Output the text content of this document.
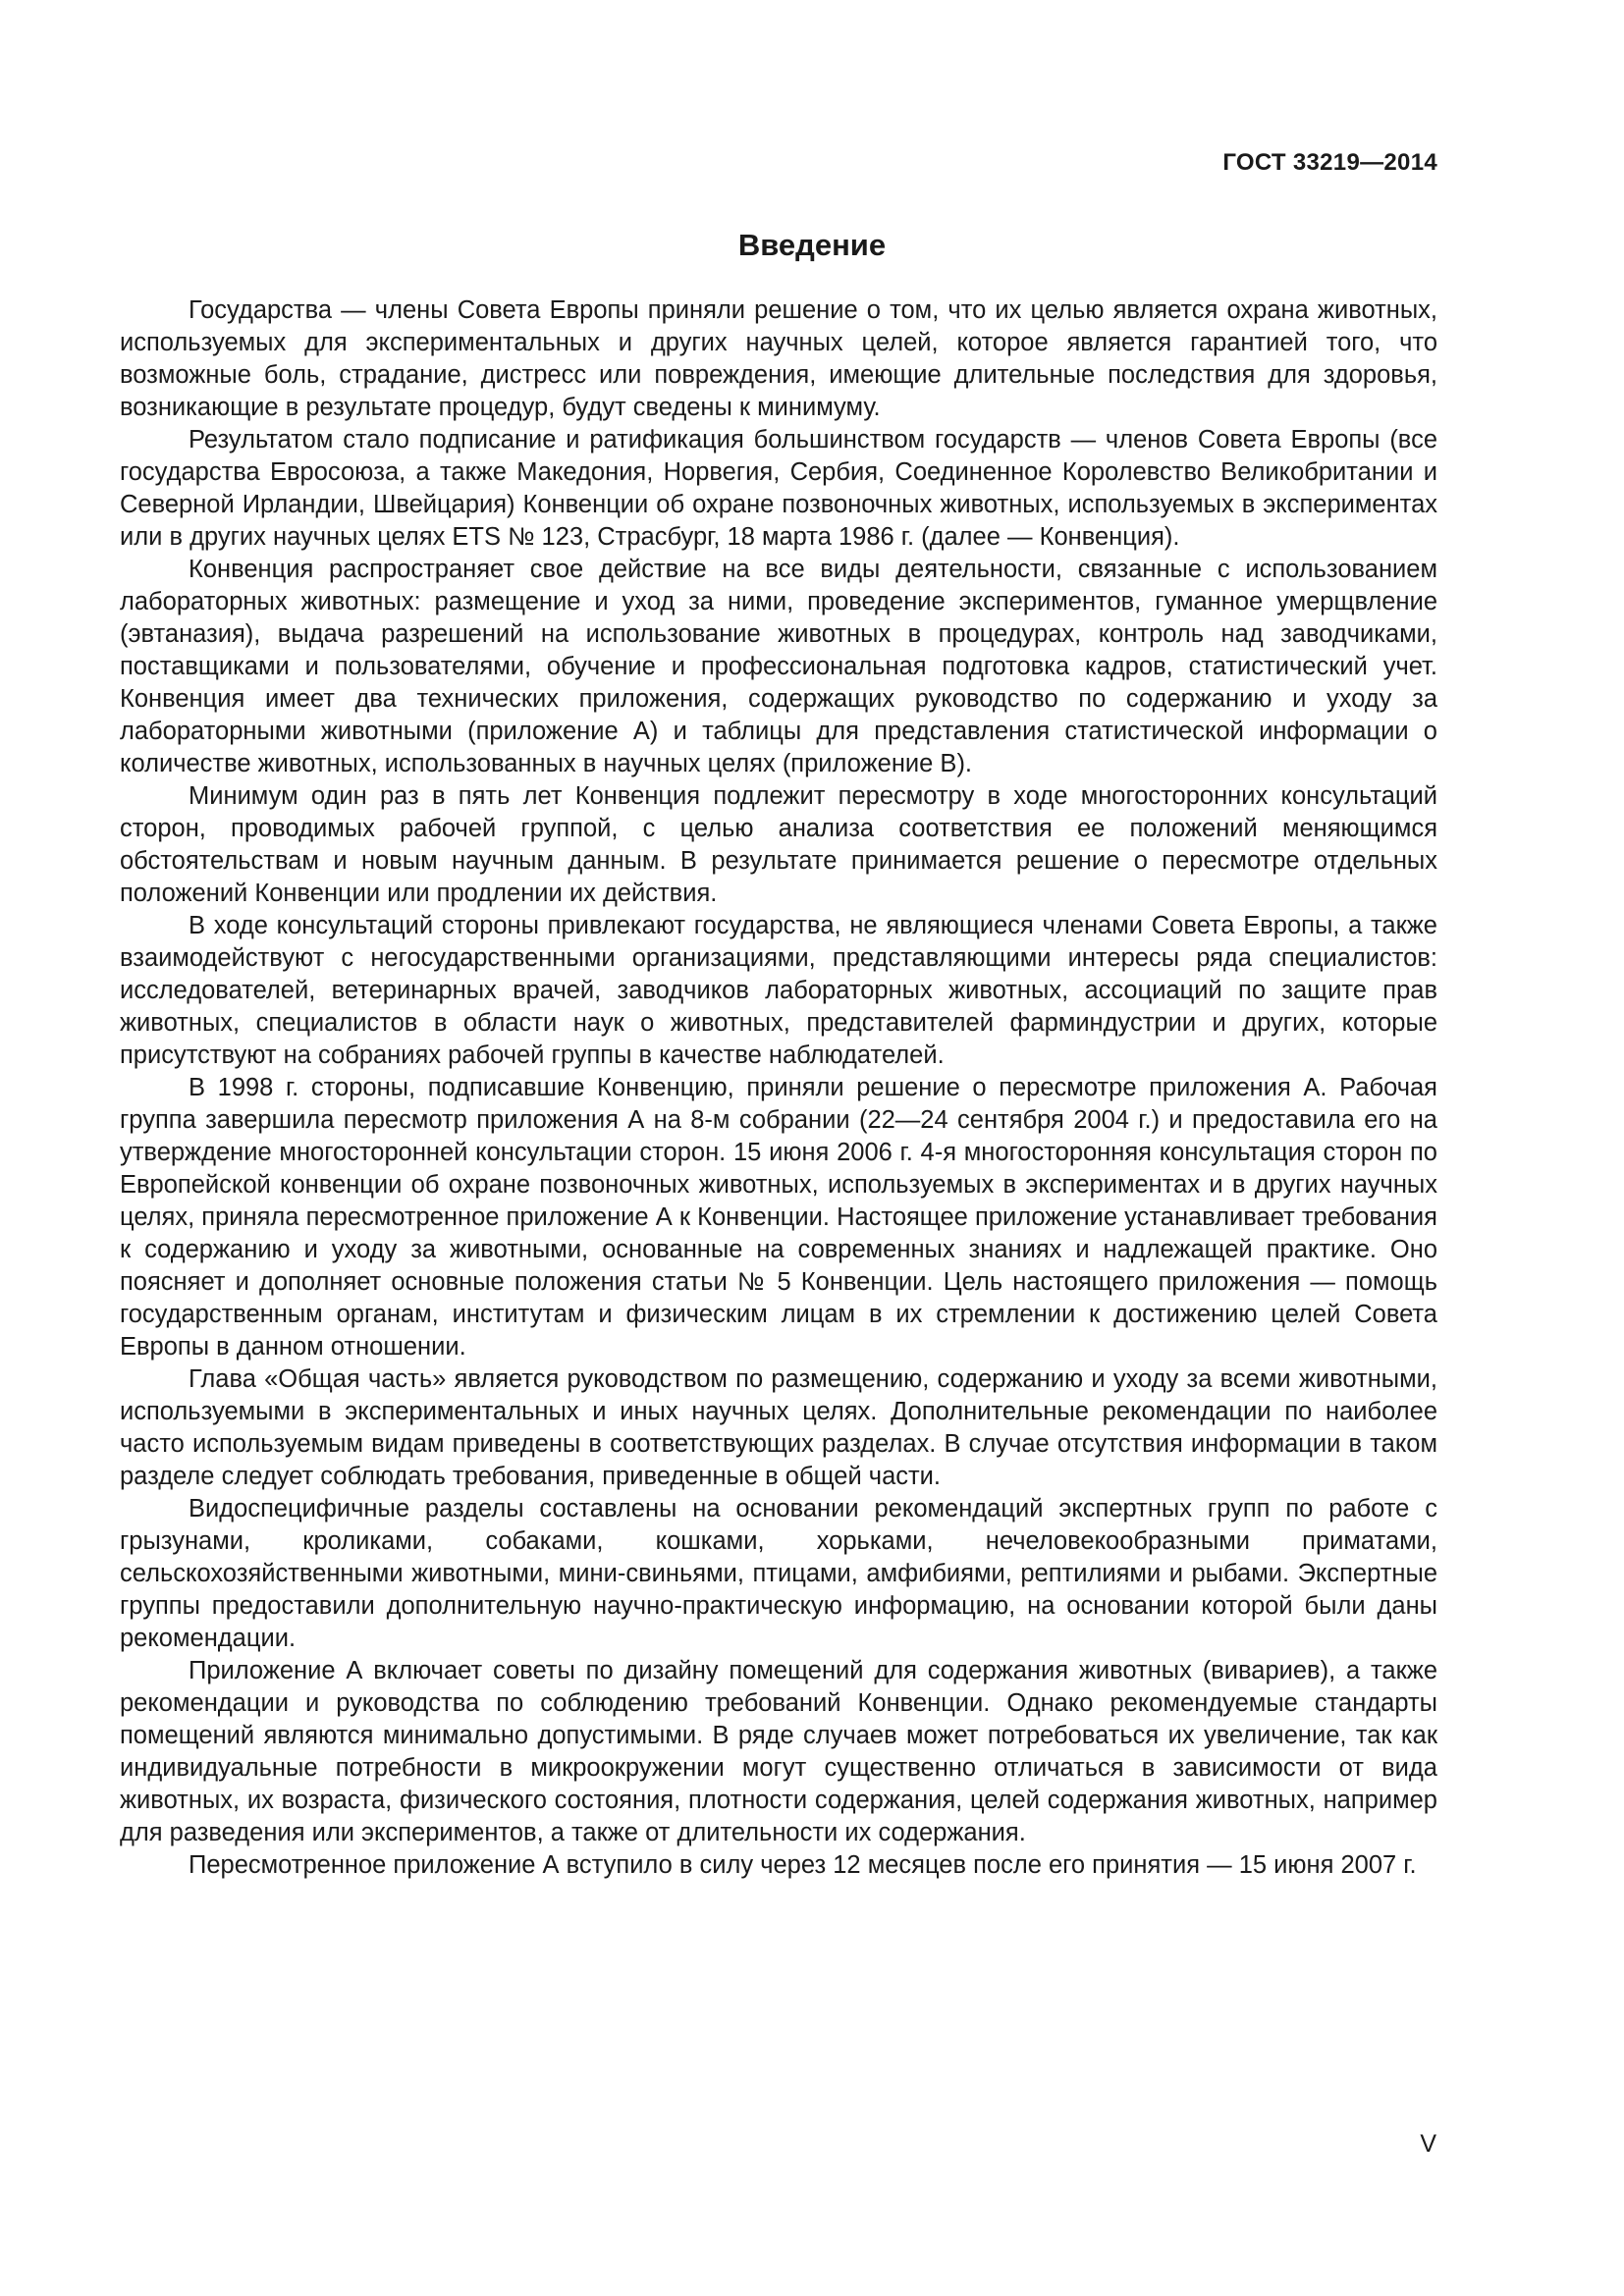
ГОСТ 33219—2014
Введение

Государства — члены Совета Европы приняли решение о том, что их целью является охрана животных, используемых для экспериментальных и других научных целей, которое является гарантией того, что возможные боль, страдание, дистресс или повреждения, имеющие длительные последствия для здоровья, возникающие в результате процедур, будут сведены к минимуму.

Результатом стало подписание и ратификация большинством государств — членов Совета Европы (все государства Евросоюза, а также Македония, Норвегия, Сербия, Соединенное Королевство Великобритании и Северной Ирландии, Швейцария) Конвенции об охране позвоночных животных, используемых в экспериментах или в других научных целях ETS № 123, Страсбург, 18 марта 1986 г. (далее — Конвенция).

Конвенция распространяет свое действие на все виды деятельности, связанные с использованием лабораторных животных: размещение и уход за ними, проведение экспериментов, гуманное умерщвление (эвтаназия), выдача разрешений на использование животных в процедурах, контроль над заводчиками, поставщиками и пользователями, обучение и профессиональная подготовка кадров, статистический учет. Конвенция имеет два технических приложения, содержащих руководство по содержанию и уходу за лабораторными животными (приложение А) и таблицы для представления статистической информации о количестве животных, использованных в научных целях (приложение В).

Минимум один раз в пять лет Конвенция подлежит пересмотру в ходе многосторонних консультаций сторон, проводимых рабочей группой, с целью анализа соответствия ее положений меняющимся обстоятельствам и новым научным данным. В результате принимается решение о пересмотре отдельных положений Конвенции или продлении их действия.

В ходе консультаций стороны привлекают государства, не являющиеся членами Совета Европы, а также взаимодействуют с негосударственными организациями, представляющими интересы ряда специалистов: исследователей, ветеринарных врачей, заводчиков лабораторных животных, ассоциаций по защите прав животных, специалистов в области наук о животных, представителей фарминдустрии и других, которые присутствуют на собраниях рабочей группы в качестве наблюдателей.

В 1998 г. стороны, подписавшие Конвенцию, приняли решение о пересмотре приложения А. Рабочая группа завершила пересмотр приложения А на 8-м собрании (22—24 сентября 2004 г.) и предоставила его на утверждение многосторонней консультации сторон. 15 июня 2006 г. 4-я многосторонняя консультация сторон по Европейской конвенции об охране позвоночных животных, используемых в экспериментах и в других научных целях, приняла пересмотренное приложение А к Конвенции. Настоящее приложение устанавливает требования к содержанию и уходу за животными, основанные на современных знаниях и надлежащей практике. Оно поясняет и дополняет основные положения статьи № 5 Конвенции. Цель настоящего приложения — помощь государственным органам, институтам и физическим лицам в их стремлении к достижению целей Совета Европы в данном отношении.

Глава «Общая часть» является руководством по размещению, содержанию и уходу за всеми животными, используемыми в экспериментальных и иных научных целях. Дополнительные рекомендации по наиболее часто используемым видам приведены в соответствующих разделах. В случае отсутствия информации в таком разделе следует соблюдать требования, приведенные в общей части.

Видоспецифичные разделы составлены на основании рекомендаций экспертных групп по работе с грызунами, кроликами, собаками, кошками, хорьками, нечеловекообразными приматами, сельскохозяйственными животными, мини-свиньями, птицами, амфибиями, рептилиями и рыбами. Экспертные группы предоставили дополнительную научно-практическую информацию, на основании которой были даны рекомендации.

Приложение А включает советы по дизайну помещений для содержания животных (вивариев), а также рекомендации и руководства по соблюдению требований Конвенции. Однако рекомендуемые стандарты помещений являются минимально допустимыми. В ряде случаев может потребоваться их увеличение, так как индивидуальные потребности в микроокружении могут существенно отличаться в зависимости от вида животных, их возраста, физического состояния, плотности содержания, целей содержания животных, например для разведения или экспериментов, а также от длительности их содержания.

Пересмотренное приложение А вступило в силу через 12 месяцев после его принятия — 15 июня 2007 г.

V
